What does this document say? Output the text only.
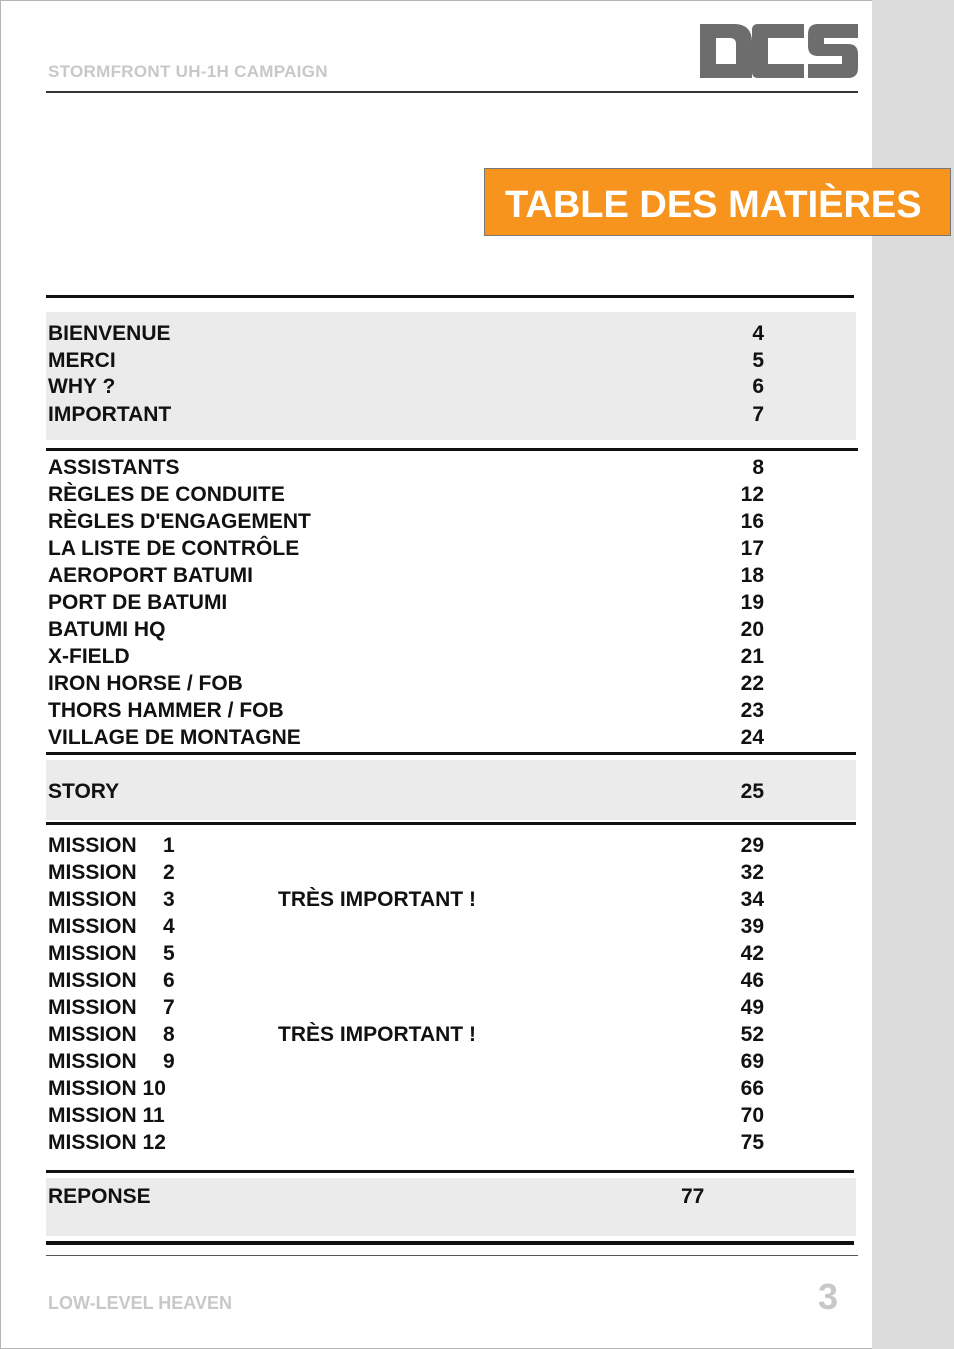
STORMFRONT UH-1H CAMPAIGN
TABLE DES MATIÈRES
BIENVENUE	4
MERCI	5
WHY ?	6
IMPORTANT	7
ASSISTANTS	8
RÈGLES DE CONDUITE	12
RÈGLES D'ENGAGEMENT	16
LA LISTE DE CONTRÔLE	17
AEROPORT BATUMI	18
PORT DE BATUMI	19
BATUMI HQ	20
X-FIELD	21
IRON HORSE / FOB	22
THORS HAMMER / FOB	23
VILLAGE DE MONTAGNE	24
STORY	25
MISSION 1	29
MISSION 2	32
MISSION 3	TRÈS IMPORTANT !	34
MISSION 4	39
MISSION 5	42
MISSION 6	46
MISSION 7	49
MISSION 8	TRÈS IMPORTANT !	52
MISSION 9	69
MISSION 10	66
MISSION 11	70
MISSION 12	75
REPONSE	77
LOW-LEVEL HEAVEN	3
